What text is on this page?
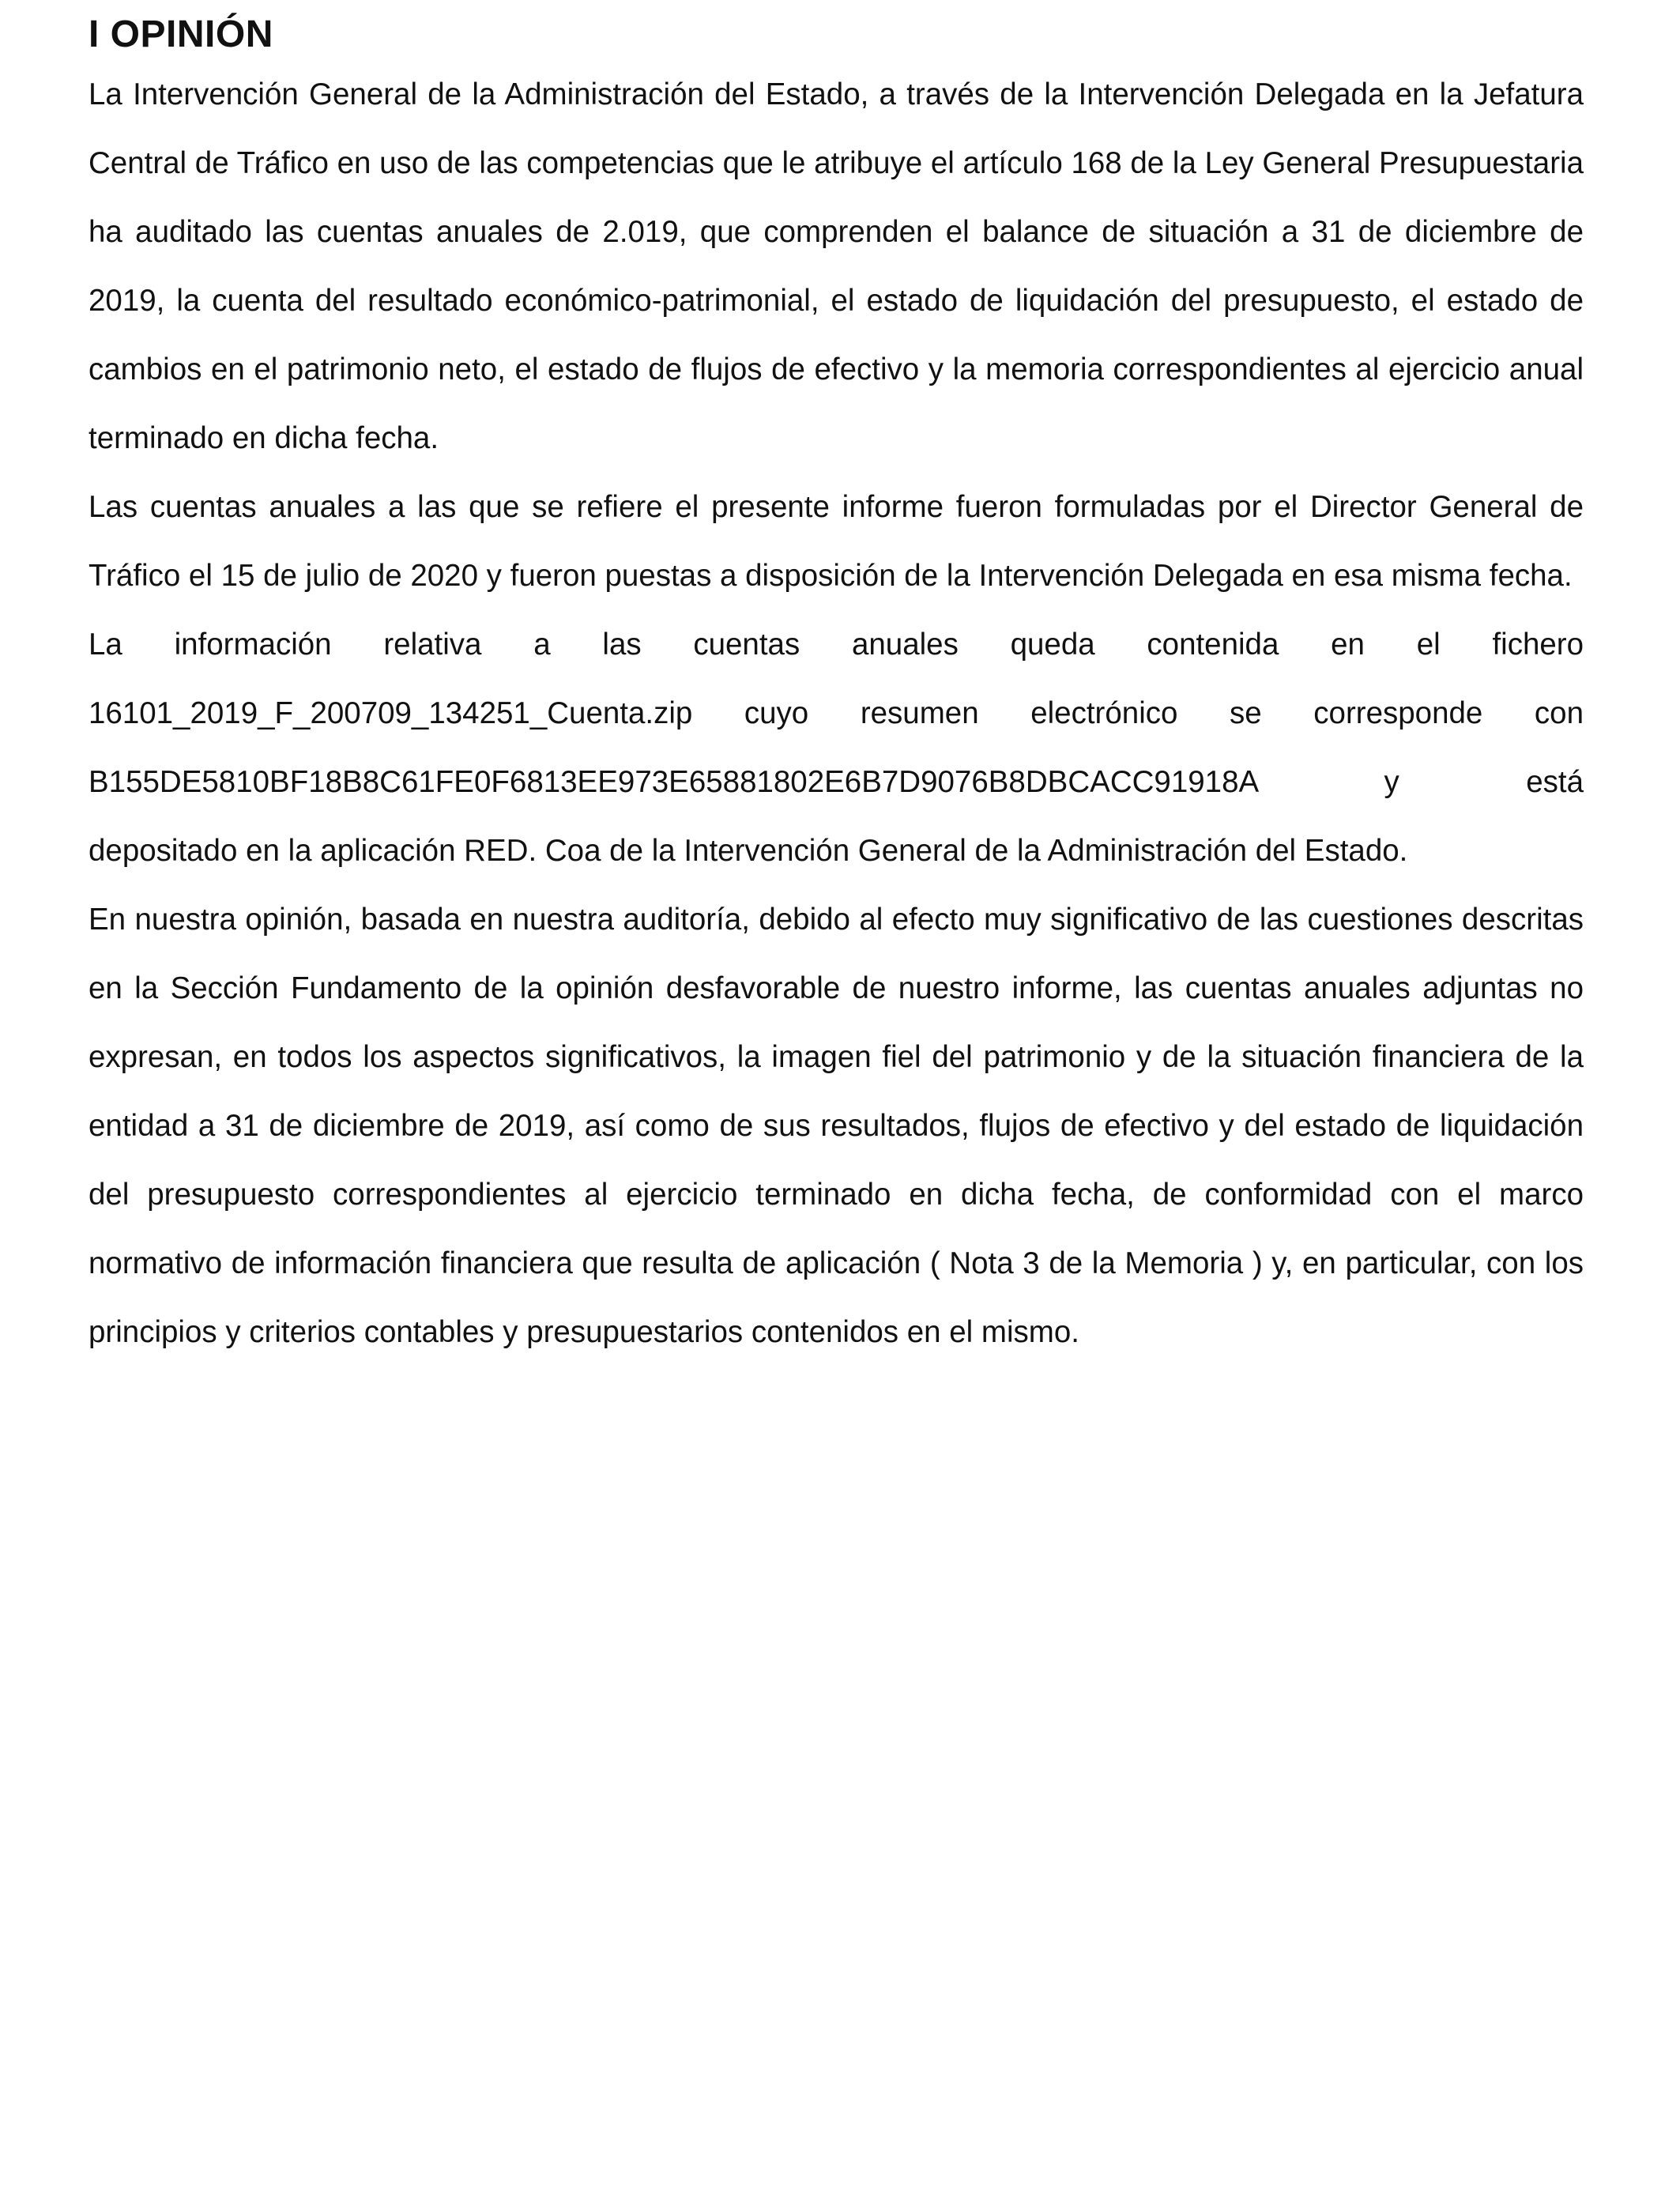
I OPINIÓN

La Intervención General de la Administración del Estado, a través de la Intervención Delegada en la Jefatura Central de Tráfico en uso de las competencias que le atribuye el artículo 168 de la Ley General Presupuestaria ha auditado las cuentas anuales de 2.019, que comprenden el balance de situación a 31 de diciembre de 2019, la cuenta del resultado económico-patrimonial, el estado de liquidación del presupuesto, el estado de cambios en el patrimonio neto, el estado de flujos de efectivo y la memoria correspondientes al ejercicio anual terminado en dicha fecha.

Las cuentas anuales a las que se refiere el presente informe fueron formuladas por el Director General de Tráfico el 15 de julio de 2020 y fueron puestas a disposición de la Intervención Delegada en esa misma fecha.

La información relativa a las cuentas anuales queda contenida en el fichero
16101_2019_F_200709_134251_Cuenta.zip cuyo resumen electrónico se corresponde con
B155DE5810BF18B8C61FE0F6813EE973E65881802E6B7D9076B8DBCACC91918A y está
depositado en la aplicación RED. Coa de la Intervención General de la Administración del Estado.

En nuestra opinión, basada en nuestra auditoría, debido al efecto muy significativo de las cuestiones descritas en la Sección Fundamento de la opinión desfavorable de nuestro informe, las cuentas anuales adjuntas no expresan, en todos los aspectos significativos, la imagen fiel del patrimonio y de la situación financiera de la entidad a 31 de diciembre de 2019, así como de sus resultados, flujos de efectivo y del estado de liquidación del presupuesto correspondientes al ejercicio terminado en dicha fecha, de conformidad con el marco normativo de información financiera que resulta de aplicación ( Nota 3 de la Memoria ) y, en particular, con los principios y criterios contables y presupuestarios contenidos en el mismo.
